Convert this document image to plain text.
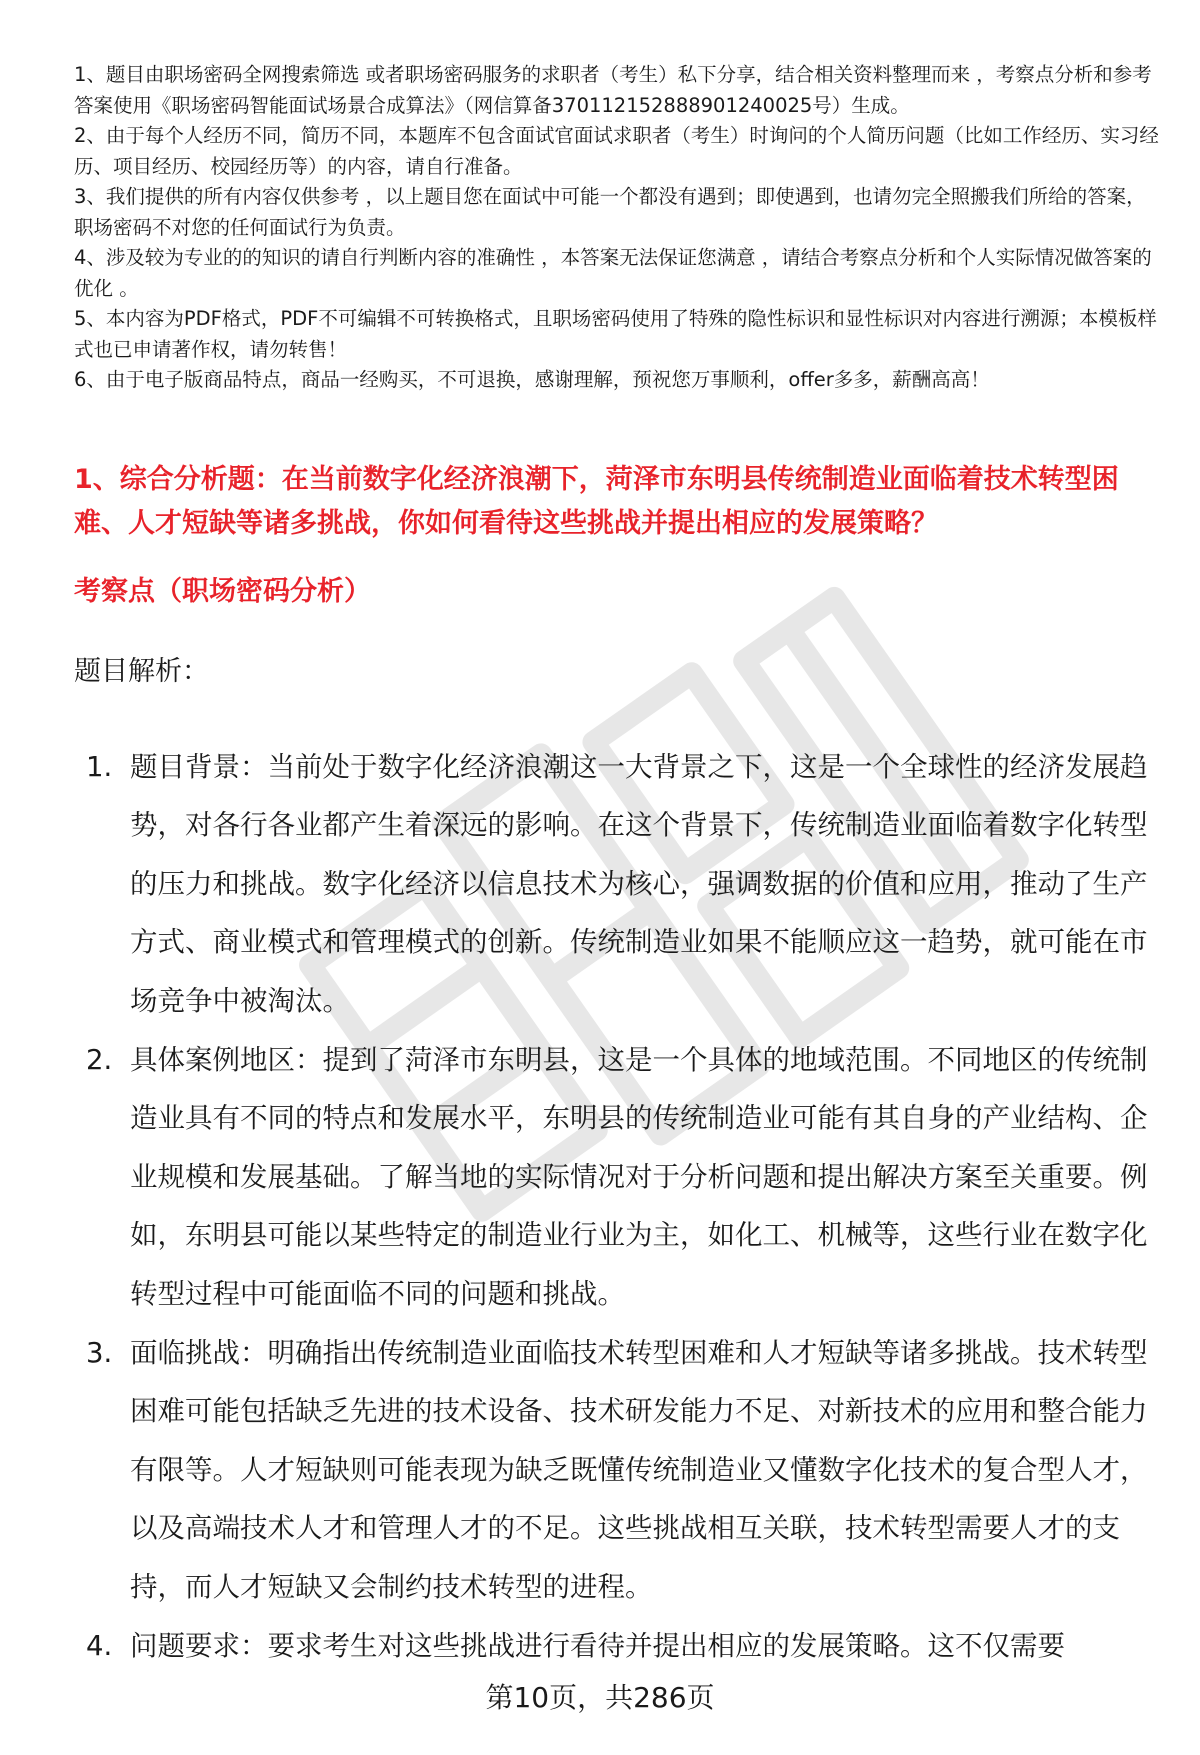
1、题目由职场密码全网搜索筛选 或者职场密码服务的求职者（考生）私下分享，结合相关资料整理而来 ，考察点分析和参考答案使用《职场密码智能面试场景合成算法》（网信算备370112152888901240025号）生成。
2、由于每个人经历不同，简历不同，本题库不包含面试官面试求职者（考生）时询问的个人简历问题（比如工作经历、实习经历、项目经历、校园经历等）的内容，请自行准备。
3、我们提供的所有内容仅供参考 ，以上题目您在面试中可能一个都没有遇到；即使遇到，也请勿完全照搬我们所给的答案，职场密码不对您的任何面试行为负责。
4、涉及较为专业的的知识的请自行判断内容的准确性 ，本答案无法保证您满意 ，请结合考察点分析和个人实际情况做答案的优化 。
5、本内容为PDF格式，PDF不可编辑不可转换格式，且职场密码使用了特殊的隐性标识和显性标识对内容进行溯源；本模板样式也已申请著作权，请勿转售！
6、由于电子版商品特点，商品一经购买，不可退换，感谢理解，预祝您万事顺利，offer多多，薪酬高高！
1、综合分析题：在当前数字化经济浪潮下，菏泽市东明县传统制造业面临着技术转型困难、人才短缺等诸多挑战，你如何看待这些挑战并提出相应的发展策略？
考察点（职场密码分析）

题目解析：

1. 题目背景：当前处于数字化经济浪潮这一大背景之下，这是一个全球性的经济发展趋势，对各行各业都产生着深远的影响。在这个背景下，传统制造业面临着数字化转型的压力和挑战。数字化经济以信息技术为核心，强调数据的价值和应用，推动了生产方式、商业模式和管理模式的创新。传统制造业如果不能顺应这一趋势，就可能在市场竞争中被淘汰。
2. 具体案例地区：提到了菏泽市东明县，这是一个具体的地域范围。不同地区的传统制造业具有不同的特点和发展水平，东明县的传统制造业可能有其自身的产业结构、企业规模和发展基础。了解当地的实际情况对于分析问题和提出解决方案至关重要。例如，东明县可能以某些特定的制造业行业为主，如化工、机械等，这些行业在数字化转型过程中可能面临不同的问题和挑战。
3. 面临挑战：明确指出传统制造业面临技术转型困难和人才短缺等诸多挑战。技术转型困难可能包括缺乏先进的技术设备、技术研发能力不足、对新技术的应用和整合能力有限等。人才短缺则可能表现为缺乏既懂传统制造业又懂数字化技术的复合型人才，以及高端技术人才和管理人才的不足。这些挑战相互关联，技术转型需要人才的支持，而人才短缺又会制约技术转型的进程。
4. 问题要求：要求考生对这些挑战进行看待并提出相应的发展策略。这不仅需要
第10页，共286页
